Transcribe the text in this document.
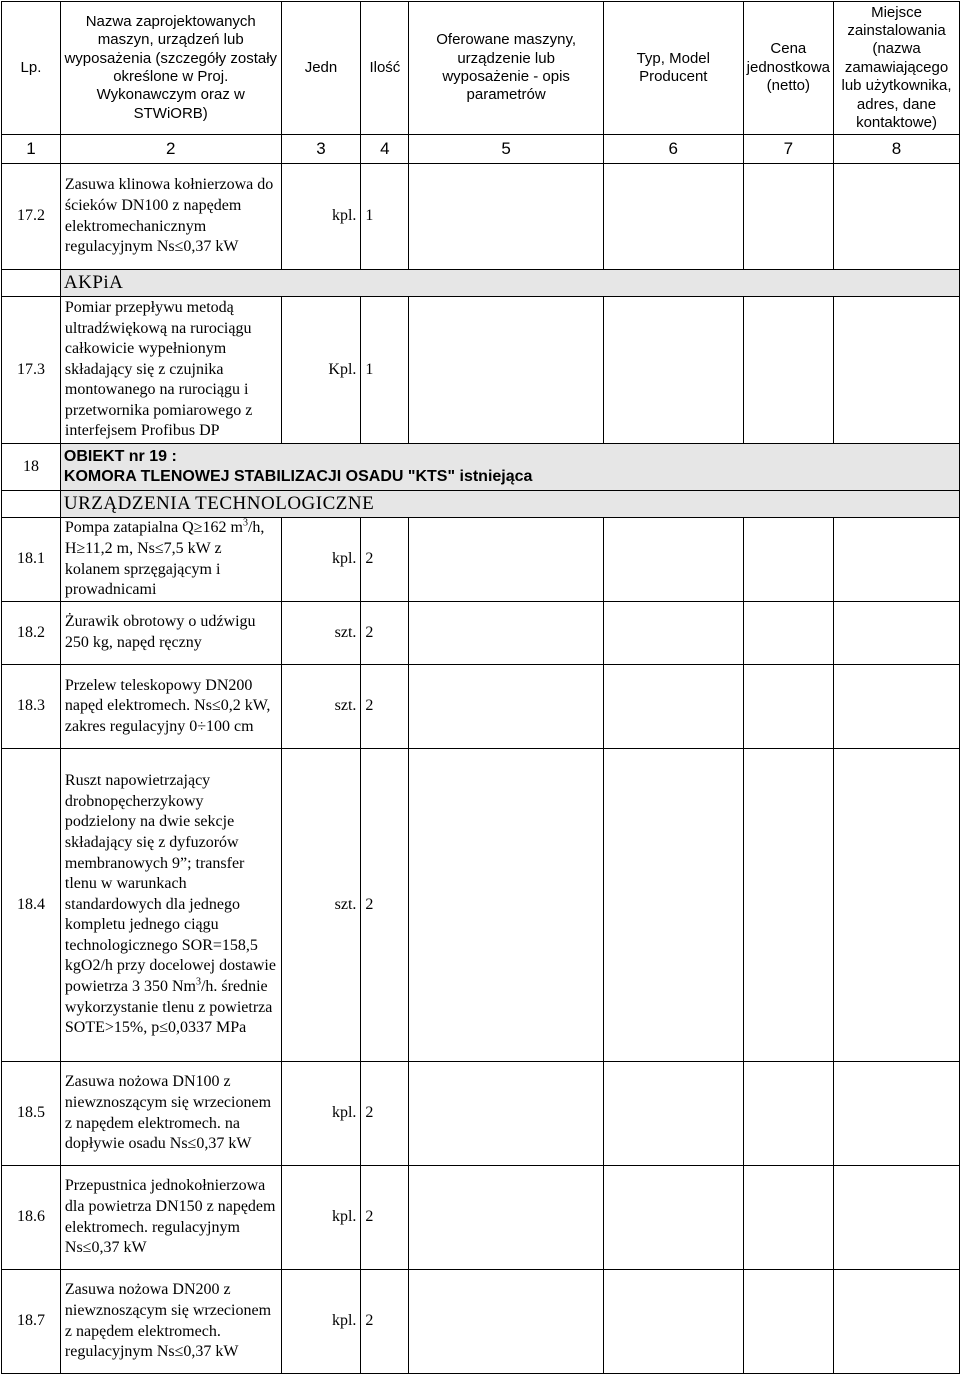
Lp.	Nazwa zaprojektowanych maszyn, urządzeń lub wyposażenia (szczegóły zostały określone w Proj. Wykonawczym oraz w STWiORB)	Jedn	Ilość	Oferowane maszyny, urządzenie lub wyposażenie - opis parametrów	Typ, Model Producent	Cena jednostkowa (netto)	Miejsce zainstalowania (nazwa zamawiającego lub użytkownika, adres, dane kontaktowe)
1	2	3	4	5	6	7	8
17.2	Zasuwa klinowa kołnierzowa do ścieków DN100 z napędem elektromechanicznym regulacyjnym Ns≤0,37 kW	kpl.	1				
	AKPiA						
17.3	Pomiar przepływu metodą ultradźwiękową na rurociągu całkowicie wypełnionym składający się z czujnika montowanego na rurociągu i przetwornika pomiarowego z interfejsem Profibus DP	Kpl.	1				
18	OBIEKT nr 19 :
KOMORA TLENOWEJ STABILIZACJI OSADU "KTS" istniejąca						

	URZĄDZENIA TECHNOLOGICZNE						
18.1	Pompa zatapialna Q≥162 $m^3/h$, H≥11,2 m, Ns≤7,5 kW z kolanem sprzęgającym i prowadnicami	kpl.	2				
18.2	Żurawik obrotowy o udźwigu 250 kg, napęd ręczny	szt.	2				
18.3	Przelew teleskopowy DN200 napęd elektromech. Ns≤0,2 kW, zakres regulacyjny 0÷100 cm	szt.	2				
18.4	Ruszt napowietrzający drobnopęcherzykowy podzielony na dwie sekcje składający się z dyfuzorów membranowych 9”; transfer tlenu w warunkach standardowych dla jednego kompletu jednego ciągu technologicznego SOR=158,5 kgO2/h przy docelowej dostawie powietrza 3 350 Nm$^3$/h. średnie wykorzystanie tlenu z powietrza SOTE>15%, p≤0,0337 MPa	szt.	2				
18.5	Zasuwa nożowa DN100 z niewznoszącym się wrzecionem z napędem elektromech. na dopływie osadu Ns≤0,37 kW	kpl.	2				
18.6	Przepustnica jednokołnierzowa dla powietrza DN150 z napędem elektromech. regulacyjnym Ns≤0,37 kW	kpl.	2				
18.7	Zasuwa nożowa DN200 z niewznoszącym się wrzecionem z napędem elektromech. regulacyjnym Ns≤0,37 kW	kpl.	2				
